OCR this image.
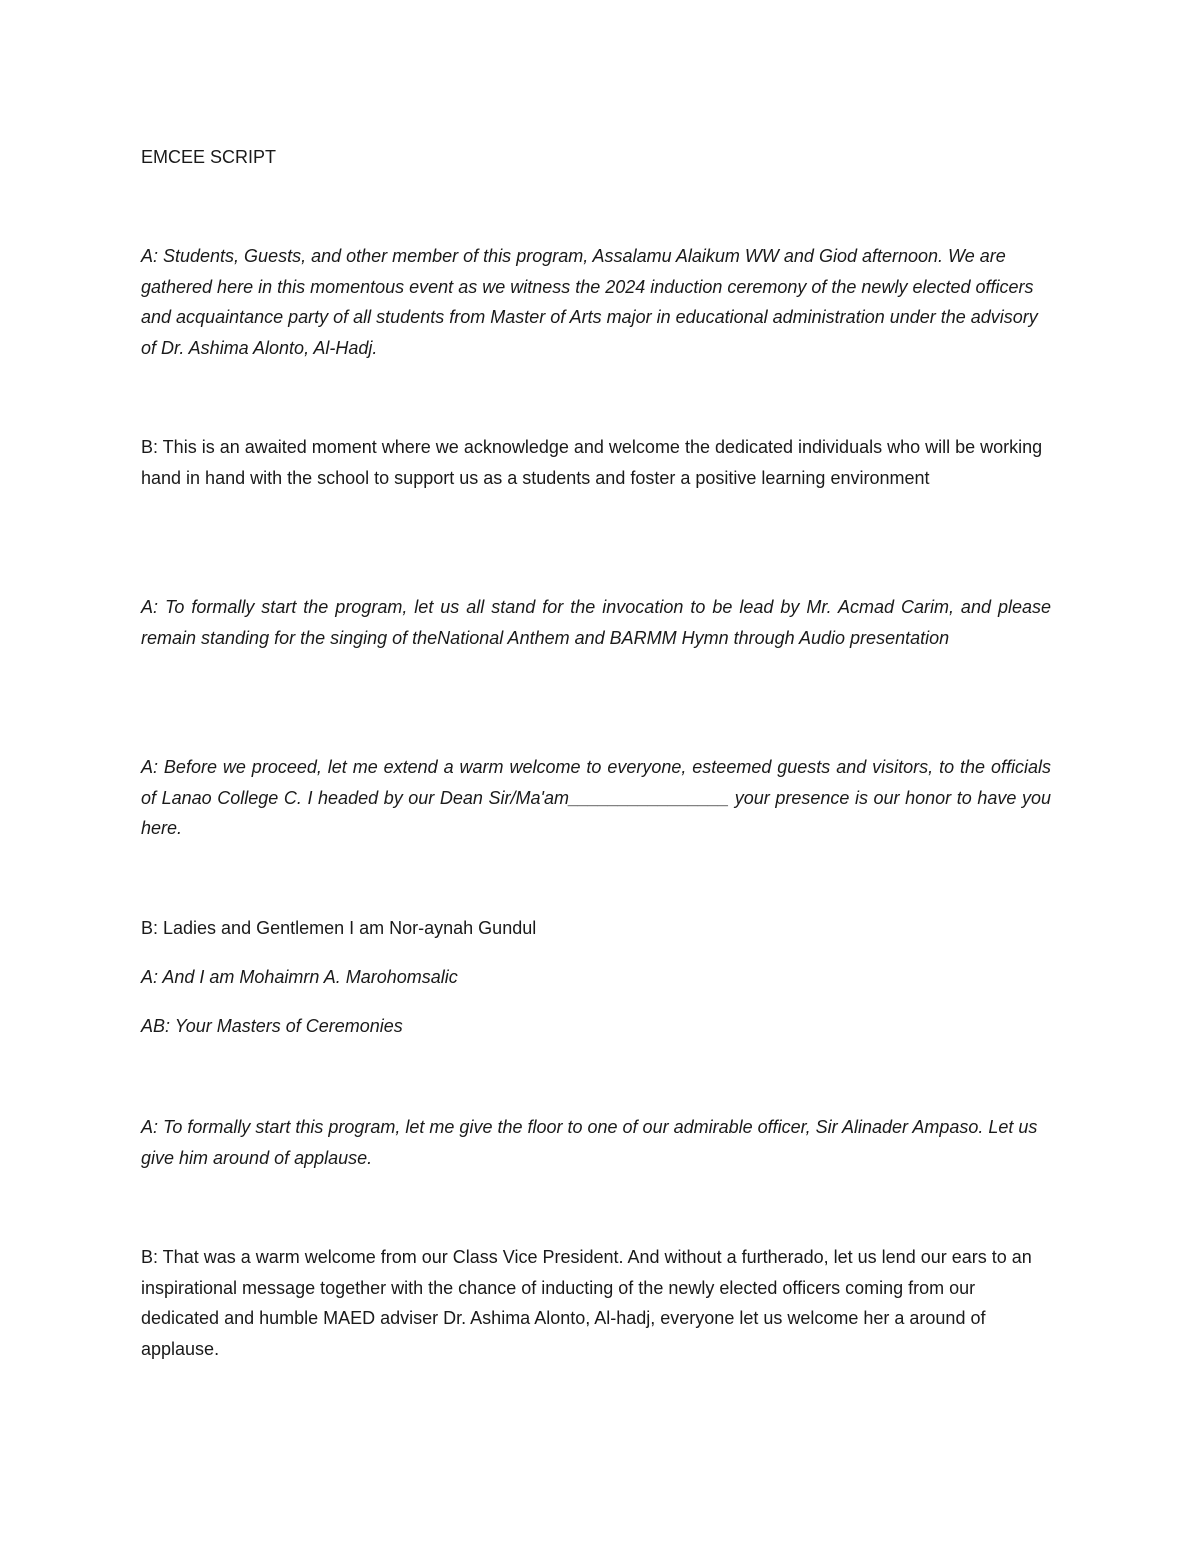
EMCEE SCRIPT

A: Students, Guests, and other member of this program, Assalamu Alaikum WW and Giod afternoon. We are gathered here in this momentous event as we witness the 2024 induction ceremony of the newly elected officers and acquaintance party of all students from Master of Arts major in educational administration under the advisory of Dr. Ashima Alonto, Al-Hadj.

B: This is an awaited moment where we acknowledge and welcome the dedicated individuals who will be working hand in hand with the school to support us as a students and foster a positive learning environment

A: To formally start the program, let us all stand for the invocation to be lead by Mr. Acmad Carim, and please remain standing for the singing of theNational Anthem and BARMM Hymn through Audio presentation

A: Before we proceed, let me extend a warm welcome to everyone, esteemed guests and visitors, to the officials of Lanao College C. I headed by our Dean Sir/Ma'am________________ your presence is our honor to have you here.

B: Ladies and Gentlemen I am Nor-aynah Gundul

A: And I am Mohaimrn A. Marohomsalic

AB: Your Masters of Ceremonies

A: To formally start this program, let me give the floor to one of our admirable officer, Sir Alinader Ampaso. Let us give him around of applause.

B: That was a warm welcome from our Class Vice President. And without a furtherado, let us lend our ears to an inspirational message together with the chance of inducting of the newly elected officers coming from our dedicated and humble MAED adviser Dr. Ashima Alonto, Al-hadj, everyone let us welcome her a around of applause.
